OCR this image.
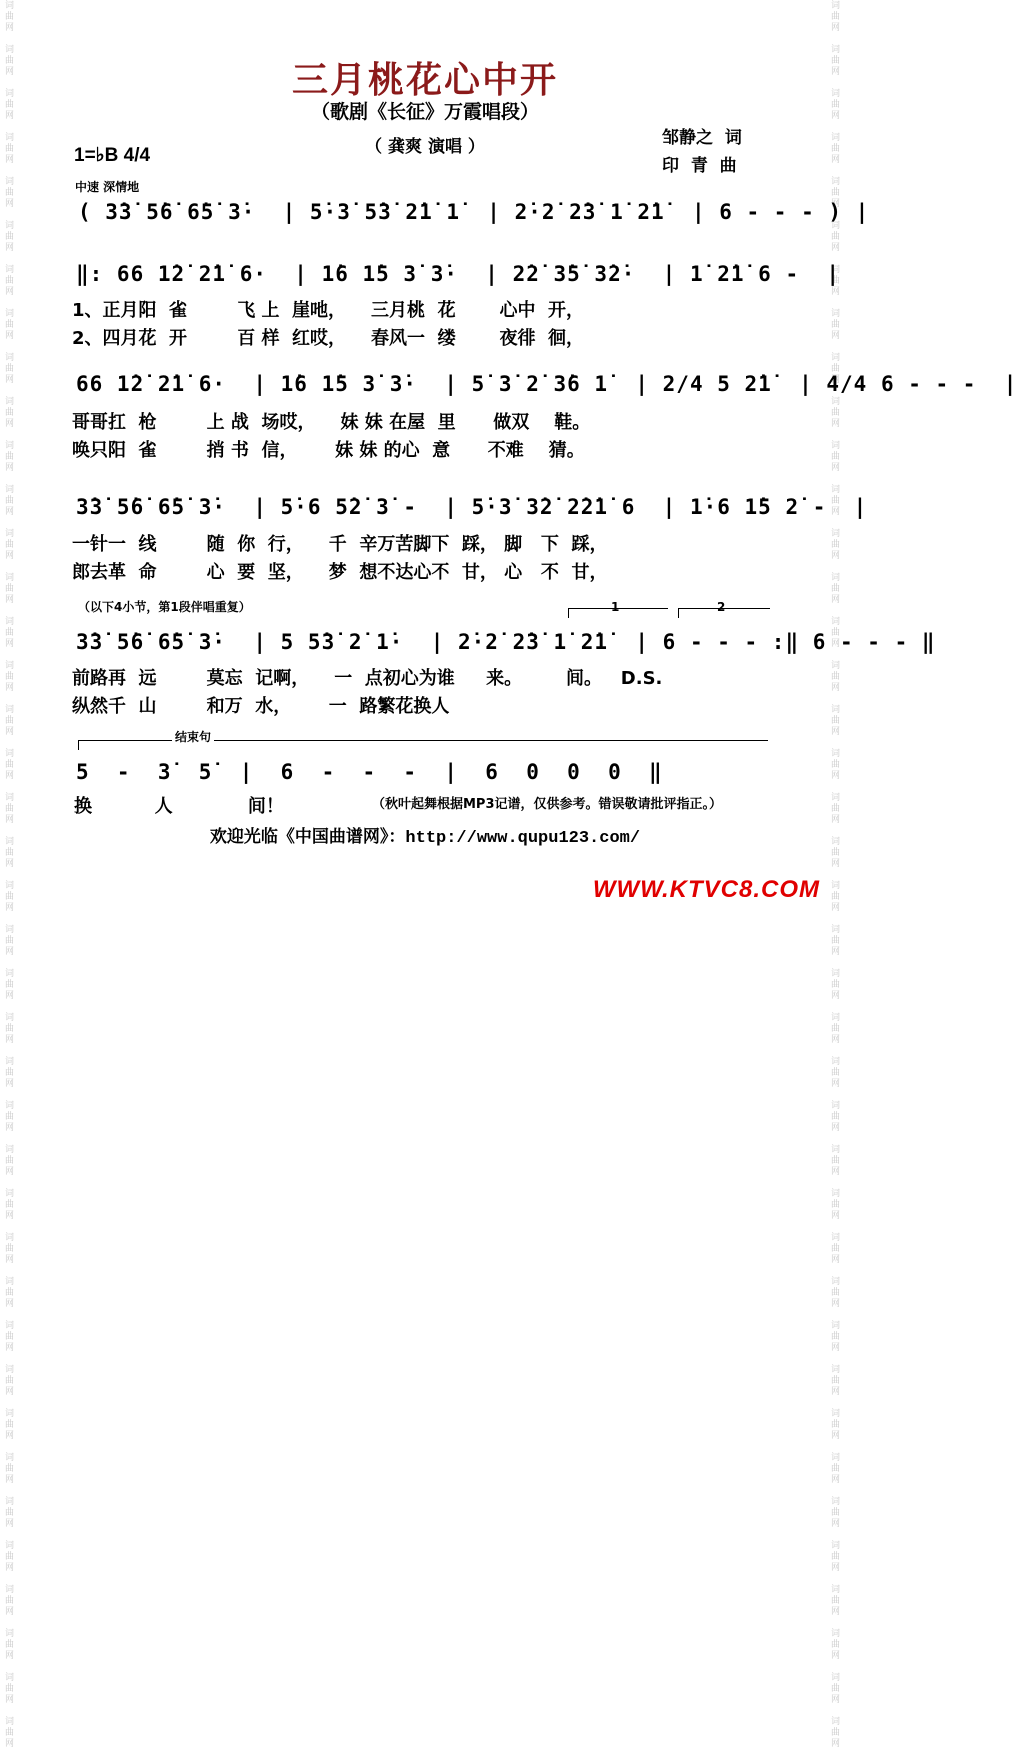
词曲网　词曲网　词曲网　词曲网　词曲网　词曲网　词曲网　词曲网　词曲网　词曲网　词曲网　词曲网　词曲网　词曲网　词曲网　词曲网　词曲网　词曲网　词曲网　词曲网　词曲网　词曲网　词曲网　词曲网　词曲网　词曲网　词曲网　词曲网　词曲网　词曲网　词曲网　词曲网　词曲网　词曲网　词曲网　词曲网　词曲网　词曲网　词曲网　词曲网	词曲网　词曲网　词曲网　词曲网　词曲网　词曲网　词曲网　词曲网　词曲网　词曲网　词曲网　词曲网　词曲网　词曲网　词曲网　词曲网　词曲网　词曲网　词曲网　词曲网　词曲网　词曲网　词曲网　词曲网　词曲网　词曲网　词曲网　词曲网　词曲网　词曲网　词曲网　词曲网　词曲网　词曲网　词曲网　词曲网　词曲网　词曲网　词曲网　词曲网
三月桃花心中开
（歌剧《长征》万霞唱段）
（ 龚爽 演唱 ）	邹静之  词
印  青  曲
1=♭B 4/4
中速 深情地
( 3̇3̇ 5̇6̇ 6̇5̇ 3̇·  | 5̇·3̇ 5̇3̇ 2̇1̇ 1̇  | 2̇·2̇ 2̇3̇ 1̇ 2̇1̇  | 6 - - - ) |
‖: 66 1̇2̇ 2̇1̇ 6·  | 1̇6 1̇5 3̇ 3̇·  | 2̇2̇ 3̇5̇ 3̇2̇·  | 1̇ 2̇1̇ 6 -  |
1、正月阳  雀        飞 上  崖吔，    三月桃  花       心中  开，
2、四月花  开        百 样  红哎，    春风一  缕       夜徘  徊，
66 1̇2̇ 2̇1̇ 6·  | 1̇6 1̇5 3̇ 3̇·  | 5̇ 3̇ 2̇ 3̇6 1̇  | 2/4 5 2̇1̇  | 4/4 6 - - -  |
哥哥扛  枪        上 战  场哎，    妹 妹 在屋  里      做双    鞋。
唤只阳  雀        捎 书  信，      妹 妹 的心  意      不难    猜。
3̇3̇ 5̇6̇ 6̇5̇ 3̇·  | 5̇·6 5̇2̇ 3̇ -  | 5̇·3̇ 3̇2̇ 2̇2̇1̇ 6  | 1̇·6 1̇5 2̇ -  |
一针一  线        随  你  行，    千  辛万苦脚下  踩， 脚   下  踩，
郎去革  命        心  要  坚，    梦  想不达心不  甘， 心   不  甘，
（以下4小节，第1段伴唱重复）	1	2
3̇3̇ 5̇6̇ 6̇5̇ 3̇·  | 5 5̇3̇ 2̇ 1̇·  | 2̇·2̇ 2̇3̇ 1̇ 2̇1̇  | 6 - - - :‖ 6 - - - ‖
前路再  远        莫忘  记啊，    一  点初心为谁     来。       间。   D.S.
纵然千  山        和万  水，      一  路繁花换人
结束句
5  -  3̇  5̇  |  6  -  -  -  |  6  0  0  0  ‖
换          人            间！	（秋叶起舞根据MP3记谱，仅供参考。错误敬请批评指正。）
欢迎光临《中国曲谱网》：http://www.qupu123.com/
WWW.KTVC8.COM
